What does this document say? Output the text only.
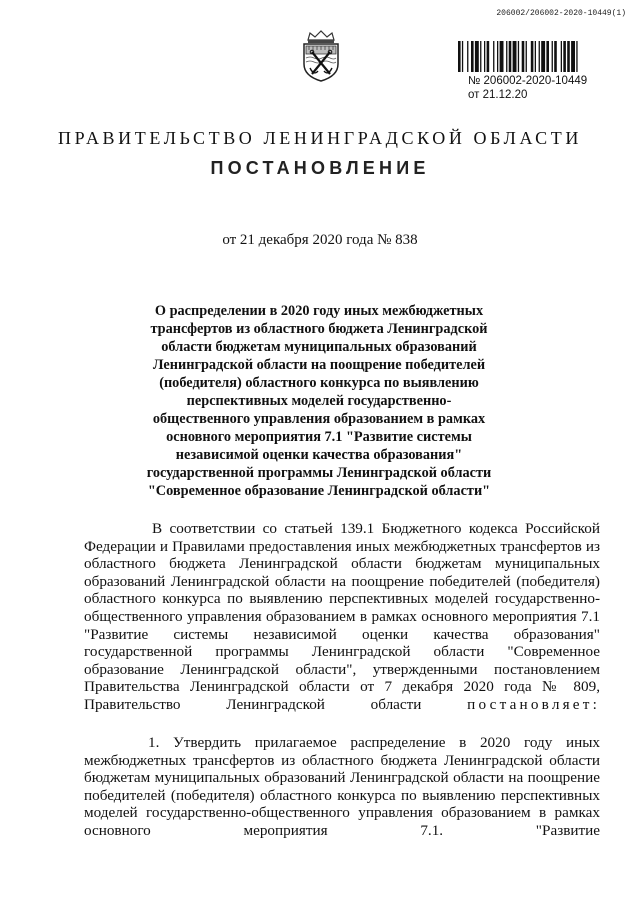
206002/206002-2020-10449(1)
№ 206002-2020-10449
от 21.12.20
ПРАВИТЕЛЬСТВО ЛЕНИНГРАДСКОЙ ОБЛАСТИ
ПОСТАНОВЛЕНИЕ
от 21 декабря 2020 года № 838

О распределении в 2020 году иных межбюджетных трансфертов из областного бюджета Ленинградской области бюджетам муниципальных образований Ленинградской области на поощрение победителей (победителя) областного конкурса по выявлению перспективных моделей государственно-общественного управления образованием в рамках основного мероприятия 7.1 "Развитие системы независимой оценки качества образования" государственной программы Ленинградской области "Современное образование Ленинградской области"

В соответствии со статьей 139.1 Бюджетного кодекса Российской Федерации и Правилами предоставления иных межбюджетных трансфертов из областного бюджета Ленинградской области бюджетам муниципальных образований Ленинградской области на поощрение победителей (победителя) областного конкурса по выявлению перспективных моделей государственно-общественного управления образованием в рамках основного мероприятия 7.1 "Развитие системы независимой оценки качества образования" государственной программы Ленинградской области "Современное образование Ленинградской области", утвержденными постановлением Правительства Ленинградской области от 7 декабря 2020 года № 809, Правительство Ленинградской области	постановляет:

1. Утвердить прилагаемое распределение в 2020 году иных межбюджетных трансфертов из областного бюджета Ленинградской области бюджетам муниципальных образований Ленинградской области на поощрение победителей (победителя) областного конкурса по выявлению перспективных моделей государственно-общественного управления образованием в рамках основного мероприятия 7.1. "Развитие
